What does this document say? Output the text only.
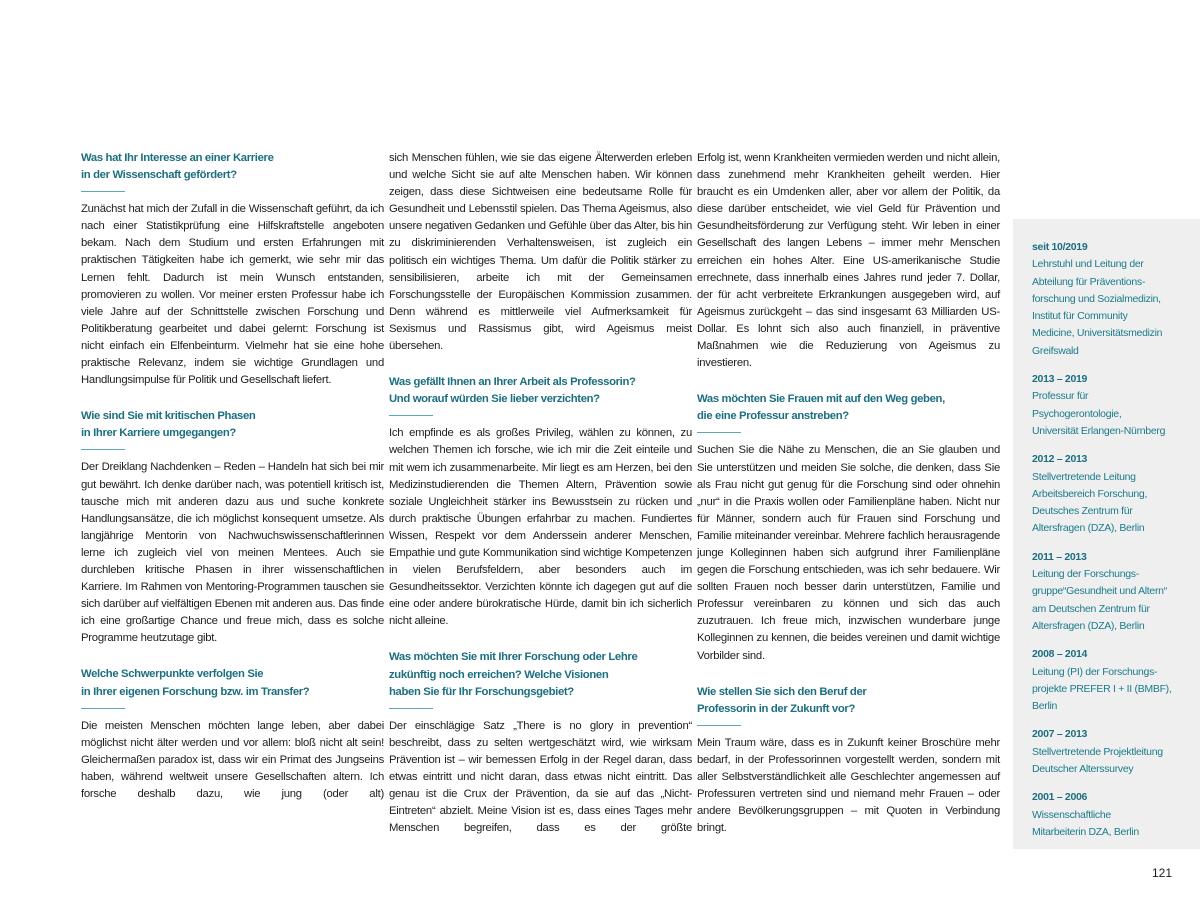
Was hat Ihr Interesse an einer Karriere
in der Wissenschaft gefördert?

Zunächst hat mich der Zufall in die Wissenschaft geführt, da ich nach einer Statistikprüfung eine Hilfskraftstelle angeboten bekam. Nach dem Studium und ersten Erfahrungen mit praktischen Tätigkeiten habe ich gemerkt, wie sehr mir das Lernen fehlt. Dadurch ist mein Wunsch entstanden, promovieren zu wollen. Vor meiner ersten Professur habe ich viele Jahre auf der Schnittstelle zwischen Forschung und Politikberatung gearbeitet und dabei gelernt: Forschung ist nicht einfach ein Elfenbeinturm. Vielmehr hat sie eine hohe praktische Relevanz, indem sie wichtige Grundlagen und Handlungsimpulse für Politik und Gesellschaft liefert.

Wie sind Sie mit kritischen Phasen
in Ihrer Karriere umgegangen?

Der Dreiklang Nachdenken – Reden – Handeln hat sich bei mir gut bewährt. Ich denke darüber nach, was potentiell kritisch ist, tausche mich mit anderen dazu aus und suche konkrete Handlungsansätze, die ich möglichst konsequent umsetze. Als langjährige Mentorin von Nachwuchswissenschaftlerinnen lerne ich zugleich viel von meinen Mentees. Auch sie durchleben kritische Phasen in ihrer wissenschaftlichen Karriere. Im Rahmen von Mentoring-Programmen tauschen sie sich darüber auf vielfältigen Ebenen mit anderen aus. Das finde ich eine großartige Chance und freue mich, dass es solche Programme heutzutage gibt.

Welche Schwerpunkte verfolgen Sie
in Ihrer eigenen Forschung bzw. im Transfer?

Die meisten Menschen möchten lange leben, aber dabei möglichst nicht älter werden und vor allem: bloß nicht alt sein! Gleichermaßen paradox ist, dass wir ein Primat des Jungseins haben, während weltweit unsere Gesellschaften altern. Ich forsche deshalb dazu, wie jung (oder alt)

sich Menschen fühlen, wie sie das eigene Älterwerden erleben und welche Sicht sie auf alte Menschen haben. Wir können zeigen, dass diese Sichtweisen eine bedeutsame Rolle für Gesundheit und Lebensstil spielen. Das Thema Ageismus, also unsere negativen Gedanken und Gefühle über das Alter, bis hin zu diskriminierenden Verhaltensweisen, ist zugleich ein politisch ein wichtiges Thema. Um dafür die Politik stärker zu sensibilisieren, arbeite ich mit der Gemeinsamen Forschungsstelle der Europäischen Kommission zusammen. Denn während es mittlerweile viel Aufmerksamkeit für Sexismus und Rassismus gibt, wird Ageismus meist übersehen.

Was gefällt Ihnen an Ihrer Arbeit als Professorin?
Und worauf würden Sie lieber verzichten?

Ich empfinde es als großes Privileg, wählen zu können, zu welchen Themen ich forsche, wie ich mir die Zeit einteile und mit wem ich zusammenarbeite. Mir liegt es am Herzen, bei den Medizinstudierenden die Themen Altern, Prävention sowie soziale Ungleichheit stärker ins Bewusstsein zu rücken und durch praktische Übungen erfahrbar zu machen. Fundiertes Wissen, Respekt vor dem Anderssein anderer Menschen, Empathie und gute Kommunikation sind wichtige Kompetenzen in vielen Berufsfeldern, aber besonders auch im Gesundheitssektor. Verzichten könnte ich dagegen gut auf die eine oder andere bürokratische Hürde, damit bin ich sicherlich nicht alleine.

Was möchten Sie mit Ihrer Forschung oder Lehre
zukünftig noch erreichen? Welche Visionen
haben Sie für Ihr Forschungsgebiet?

Der einschlägige Satz „There is no glory in prevention“ beschreibt, dass zu selten wertgeschätzt wird, wie wirksam Prävention ist – wir bemessen Erfolg in der Regel daran, dass etwas eintritt und nicht daran, dass etwas nicht eintritt. Das genau ist die Crux der Prävention, da sie auf das „Nicht-Eintreten“ abzielt. Meine Vision ist es, dass eines Tages mehr Menschen begreifen, dass es der größte

Erfolg ist, wenn Krankheiten vermieden werden und nicht allein, dass zunehmend mehr Krankheiten geheilt werden. Hier braucht es ein Umdenken aller, aber vor allem der Politik, da diese darüber entscheidet, wie viel Geld für Prävention und Gesundheitsförderung zur Verfügung steht. Wir leben in einer Gesellschaft des langen Lebens – immer mehr Menschen erreichen ein hohes Alter. Eine US-amerikanische Studie errechnete, dass innerhalb eines Jahres rund jeder 7. Dollar, der für acht verbreitete Erkrankungen ausgegeben wird, auf Ageismus zurückgeht – das sind insgesamt 63 Milliarden US-Dollar. Es lohnt sich also auch finanziell, in präventive Maßnahmen wie die Reduzierung von Ageismus zu investieren.

Was möchten Sie Frauen mit auf den Weg geben,
die eine Professur anstreben?

Suchen Sie die Nähe zu Menschen, die an Sie glauben und Sie unterstützen und meiden Sie solche, die denken, dass Sie als Frau nicht gut genug für die Forschung sind oder ohnehin „nur“ in die Praxis wollen oder Familienpläne haben. Nicht nur für Männer, sondern auch für Frauen sind Forschung und Familie miteinander vereinbar. Mehrere fachlich herausragende junge Kolleginnen haben sich aufgrund ihrer Familienpläne gegen die Forschung entschieden, was ich sehr bedauere. Wir sollten Frauen noch besser darin unterstützen, Familie und Professur vereinbaren zu können und sich das auch zuzutrauen. Ich freue mich, inzwischen wunderbare junge Kolleginnen zu kennen, die beides vereinen und damit wichtige Vorbilder sind.

Wie stellen Sie sich den Beruf der
Professorin in der Zukunft vor?

Mein Traum wäre, dass es in Zukunft keiner Broschüre mehr bedarf, in der Professorinnen vorgestellt werden, sondern mit aller Selbstverständlichkeit alle Geschlechter angemessen auf Professuren vertreten sind und niemand mehr Frauen – oder andere Bevölkerungsgruppen – mit Quoten in Verbindung bringt.

seit 10/2019
Lehrstuhl und Leitung der
Abteilung für Präventions-
forschung und Sozialmedizin,
Institut für Community
Medicine, Universitätsmedizin
Greifswald
2013 – 2019
Professur für
Psychogerontologie,
Universität Erlangen-Nürnberg
2012 – 2013
Stellvertretende Leitung
Arbeitsbereich Forschung,
Deutsches Zentrum für
Altersfragen (DZA), Berlin
2011 – 2013
Leitung der Forschungs-
gruppe“Gesundheit und Altern“
am Deutschen Zentrum für
Altersfragen (DZA), Berlin
2008 – 2014
Leitung (PI) der Forschungs-
projekte PREFER I + II (BMBF),
Berlin
2007 – 2013
Stellvertretende Projektleitung
Deutscher Alterssurvey
2001 – 2006
Wissenschaftliche
Mitarbeiterin DZA, Berlin
121
